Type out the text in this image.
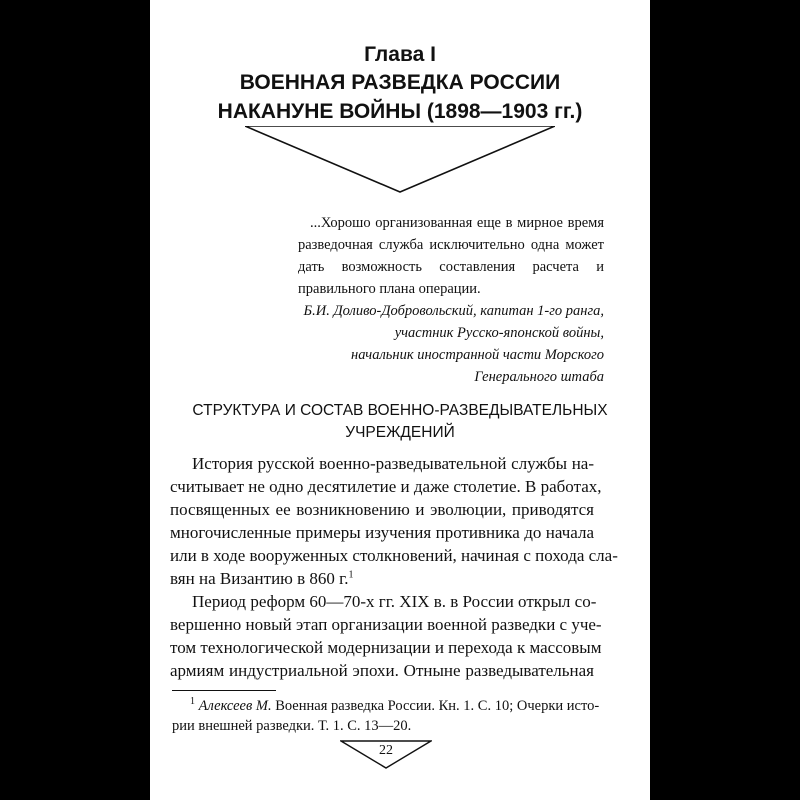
Глава I
ВОЕННАЯ РАЗВЕДКА РОССИИ
НАКАНУНЕ ВОЙНЫ (1898—1903 гг.)

...Хорошо организованная еще в мирное время разведочная служба исключительно одна может дать возможность составления расчета и правильного плана операции.

Б.И. Доливо-Добровольский, капитан 1-го ранга,
участник Русско-японской войны, начальник иностранной части Морского Генерального штаба
СТРУКТУРА И СОСТАВ ВОЕННО-РАЗВЕДЫВАТЕЛЬНЫХ
УЧРЕЖДЕНИЙ
История русской военно-разведывательной службы на-
считывает не одно десятилетие и даже столетие. В работах,
посвященных ее возникновению и эволюции, приводятся
многочисленные примеры изучения противника до начала
или в ходе вооруженных столкновений, начиная с похода сла-
вян на Византию в 860 г.$^1$
Период реформ 60—70-х гг. XIX в. в России открыл со-
вершенно новый этап организации военной разведки с уче-
том технологической модернизации и перехода к массовым
армиям индустриальной эпохи. Отныне разведывательная
$^1$ Алексеев М. Военная разведка России. Кн. 1. С. 10; Очерки исто-
рии внешней разведки. Т. 1. С. 13—20.
22
